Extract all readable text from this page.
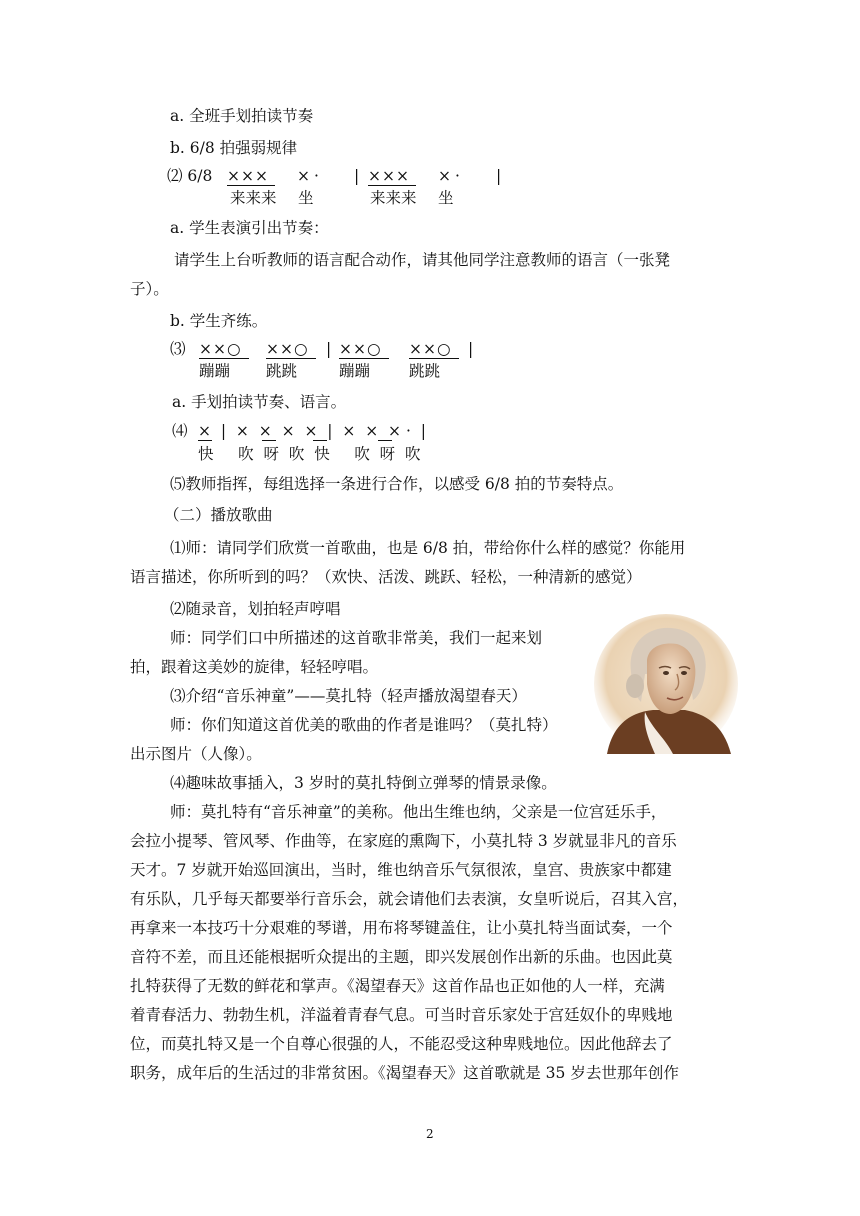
a. 全班手划拍读节奏
b. 6/8 拍强弱规律
⑵ 6/8 ××× ×· | ××× ×· |
来来来 坐	来来来 坐
a. 学生表演引出节奏：
请学生上台听教师的语言配合动作，请其他同学注意教师的语言（一张凳
子）。
b. 学生齐练。
⑶ ××○ ××○ | ××○ ××○ |
蹦蹦 跳跳	蹦蹦	跳跳
a. 手划拍读节奏、语言。
⑷ ×  |  ×  ×  ×  ×  |  ×  ×  × ·  |
快     吹  呀  吹  快     吹  呀  吹
⑸教师指挥，每组选择一条进行合作，以感受 6/8 拍的节奏特点。
（二）播放歌曲
⑴师：请同学们欣赏一首歌曲，也是 6/8 拍，带给你什么样的感觉？你能用
语言描述，你所听到的吗？（欢快、活泼、跳跃、轻松，一种清新的感觉）
⑵随录音，划拍轻声哼唱
师：同学们口中所描述的这首歌非常美，我们一起来划
拍，跟着这美妙的旋律，轻轻哼唱。
⑶介绍“音乐神童”——莫扎特（轻声播放渴望春天）
师：你们知道这首优美的歌曲的作者是谁吗？（莫扎特）
出示图片（人像）。
⑷趣味故事插入，3 岁时的莫扎特倒立弹琴的情景录像。
师：莫扎特有“音乐神童”的美称。他出生维也纳，父亲是一位宫廷乐手，
会拉小提琴、管风琴、作曲等，在家庭的熏陶下，小莫扎特 3 岁就显非凡的音乐
天才。7 岁就开始巡回演出，当时，维也纳音乐气氛很浓，皇宫、贵族家中都建
有乐队，几乎每天都要举行音乐会，就会请他们去表演，女皇听说后，召其入宫，
再拿来一本技巧十分艰难的琴谱，用布将琴键盖住，让小莫扎特当面试奏，一个
音符不差，而且还能根据听众提出的主题，即兴发展创作出新的乐曲。也因此莫
扎特获得了无数的鲜花和掌声。《渴望春天》这首作品也正如他的人一样，充满
着青春活力、勃勃生机，洋溢着青春气息。可当时音乐家处于宫廷奴仆的卑贱地
位，而莫扎特又是一个自尊心很强的人，不能忍受这种卑贱地位。因此他辞去了
职务，成年后的生活过的非常贫困。《渴望春天》这首歌就是 35 岁去世那年创作
2
